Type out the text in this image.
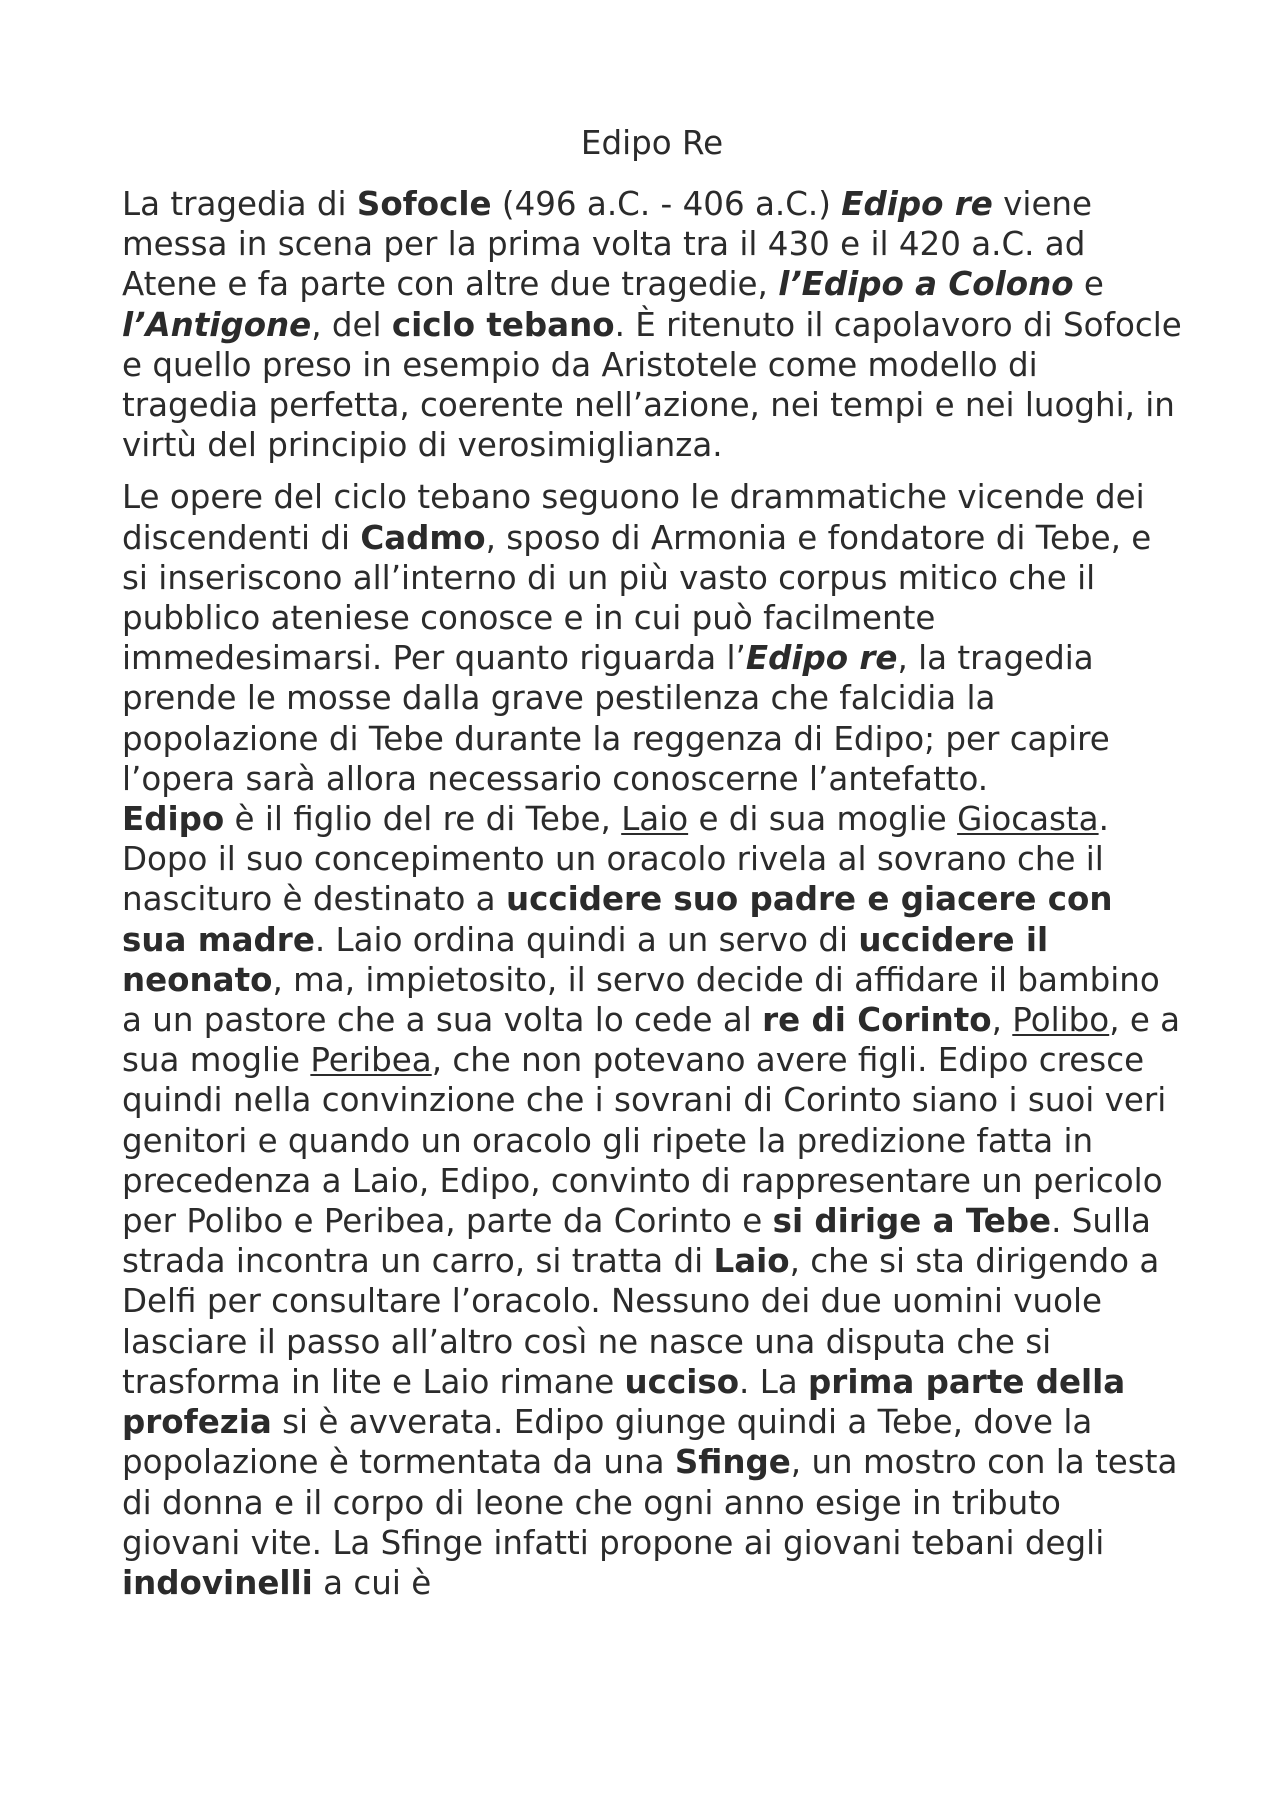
Edipo Re

La tragedia di Sofocle (496 a.C. - 406 a.C.) Edipo re viene messa in scena per la prima volta tra il 430 e il 420 a.C. ad Atene e fa parte con altre due tragedie, l’Edipo a Colono e l’Antigone, del ciclo tebano. È ritenuto il capolavoro di Sofocle e quello preso in esempio da Aristotele come modello di tragedia perfetta, coerente nell’azione, nei tempi e nei luoghi, in virtù del principio di verosimiglianza.

Le opere del ciclo tebano seguono le drammatiche vicende dei discendenti di Cadmo, sposo di Armonia e fondatore di Tebe, e si inseriscono all’interno di un più vasto corpus mitico che il pubblico ateniese conosce e in cui può facilmente immedesimarsi. Per quanto riguarda l’Edipo re, la tragedia prende le mosse dalla grave pestilenza che falcidia la popolazione di Tebe durante la reggenza di Edipo; per capire l’opera sarà allora necessario conoscerne l’antefatto.

Edipo è il figlio del re di Tebe, Laio e di sua moglie Giocasta. Dopo il suo concepimento un oracolo rivela al sovrano che il nascituro è destinato a uccidere suo padre e giacere con sua madre. Laio ordina quindi a un servo di uccidere il neonato, ma, impietosito, il servo decide di affidare il bambino a un pastore che a sua volta lo cede al re di Corinto, Polibo, e a sua moglie Peribea, che non potevano avere figli. Edipo cresce quindi nella convinzione che i sovrani di Corinto siano i suoi veri genitori e quando un oracolo gli ripete la predizione fatta in precedenza a Laio, Edipo, convinto di rappresentare un pericolo per Polibo e Peribea, parte da Corinto e si dirige a Tebe. Sulla strada incontra un carro, si tratta di Laio, che si sta dirigendo a Delfi per consultare l’oracolo. Nessuno dei due uomini vuole lasciare il passo all’altro così ne nasce una disputa che si trasforma in lite e Laio rimane ucciso. La prima parte della profezia si è avverata. Edipo giunge quindi a Tebe, dove la popolazione è tormentata da una Sfinge, un mostro con la testa di donna e il corpo di leone che ogni anno esige in tributo giovani vite. La Sfinge infatti propone ai giovani tebani degli indovinelli a cui è
